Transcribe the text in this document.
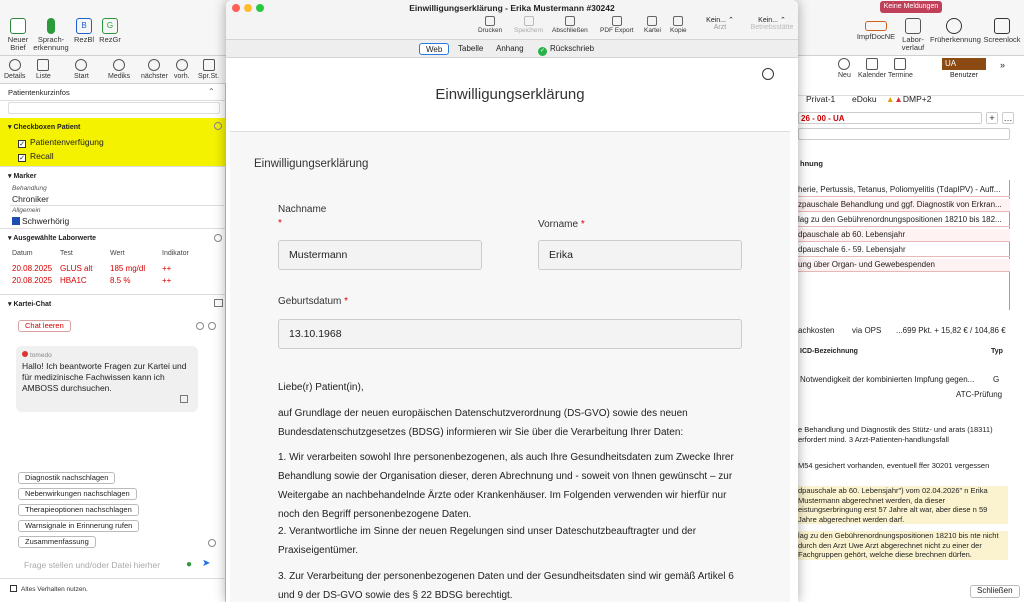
Neuer Brief
Sprach-erkennung
B
RezBl
G
RezGr
Keine Meldungen
ImpfDocNE Labor-verlauf
Früherkennung Screenlock
Details Liste	Start	Mediks nächster vorh. Spr.St.
Patientenkurzinfos	⌃
▾ Checkboxen Patient
✓ Patientenverfügung
✓ Recall
▾ Marker
Behandlung
Chroniker
Allgemein
Schwerhörig
▾ Ausgewählte Laborwerte
Datum	Test	Wert	Indikator
20.08.2025 GLUS alt 185 mg/dl ++
20.08.2025 HBA1C	8.5 %	++
▾ Kartei-Chat
Chat leeren
tomedo
Hallo! Ich beantworte Fragen zur Kartei und für medizinische Fachwissen kann ich AMBOSS durchsuchen.
Diagnostik nachschlagen
Nebenwirkungen nachschlagen
Therapieoptionen nachschlagen
Warnsignale in Erinnerung rufen
Zusammenfassung
Frage stellen und/oder Datei hierher	● ➤
Altes Verhalten nutzen.
Neu Kalender Termine
UA
Benutzer
»
Privat-1 eDoku ▲▲DMP+2
26 - 00 - UA	+ …
hnung
herie, Pertussis, Tetanus, Poliomyelitis (TdapIPV) - Auff...
zpauschale Behandlung und ggf. Diagnostik von Erkran...
lag zu den Gebührenordnungspositionen 18210 bis 182...
dpauschale ab 60. Lebensjahr
dpauschale 6.- 59. Lebensjahr
ung über Organ- und Gewebespenden
achkosten via OPS ...699 Pkt. + 15,82 € / 104,86 €
ICD-Bezeichnung	Typ
Notwendigkeit der kombinierten Impfung gegen... G
ATC-Prüfung
e Behandlung und Diagnostik des Stütz- und arats (18311) erfordert mind. 3 Arzt-Patienten-handlungsfall
M54 gesichert vorhanden, eventuell ffer 30201 vergessen
dpauschale ab 60. Lebensjahr") vom 02.04.2026" n Erika Mustermann abgerechnet werden, da dieser eistungserbringung erst 57 Jahre alt war, aber diese n 59 Jahre abgerechnet werden darf.
lag zu den Gebührenordnungspositionen 18210 bis nte nicht durch den Arzt Uwe Arzt abgerechnet nicht zu einer der Fachgruppen gehört, welche diese brechnen dürfen.
Schließen
Einwilligungserklärung - Erika Mustermann #30242
Drucken Speichern Abschließen PDF Export Kartei Kopie
Kein... ⌃
Arzt
Kein... ⌃
Betriebsstätte
Web	Tabelle	Anhang	✓ Rückschrieb
Einwilligungserklärung
Einwilligungserklärung
Nachname
*
Mustermann
Vorname *
Erika
Geburtsdatum *
13.10.1968
Liebe(r) Patient(in),
auf Grundlage der neuen europäischen Datenschutzverordnung (DS-GVO) sowie des neuen Bundesdatenschutzgesetzes (BDSG) informieren wir Sie über die Verarbeitung Ihrer Daten:
1. Wir verarbeiten sowohl Ihre personenbezogenen, als auch Ihre Gesundheitsdaten zum Zwecke Ihrer Behandlung sowie der Organisation dieser, deren Abrechnung und - soweit von Ihnen gewünscht – zur Weitergabe an nachbehandelnde Ärzte oder Krankenhäuser. Im Folgenden verwenden wir hierfür nur noch den Begriff personenbezogene Daten.
2. Verantwortliche im Sinne der neuen Regelungen sind unser Dateschutzbeauftragter und der Praxiseigentümer.
3. Zur Verarbeitung der personenbezogenen Daten und der Gesundheitsdaten sind wir gemäß Artikel 6 und 9 der DS-GVO sowie des § 22 BDSG berechtigt.
